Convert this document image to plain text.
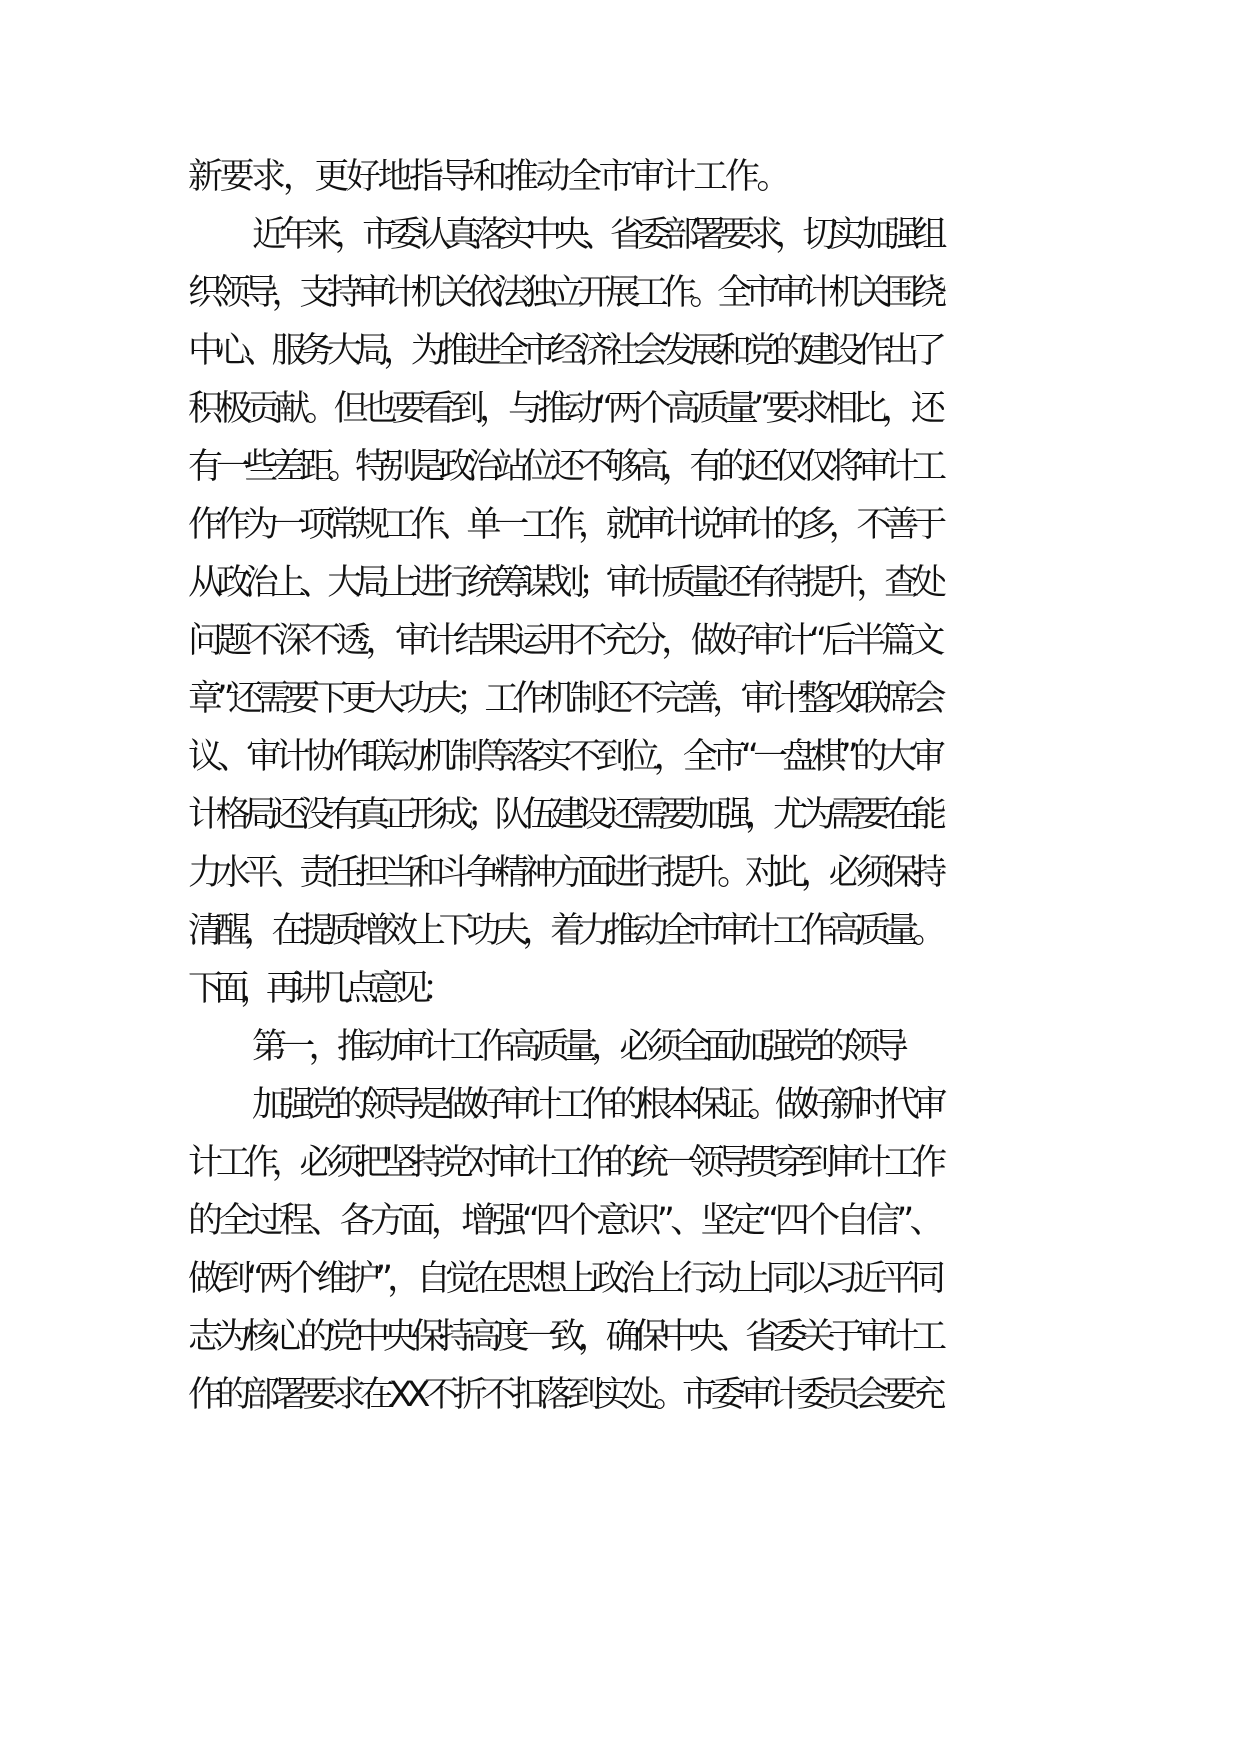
新要求，更好地指导和推动全市审计工作。
近年来，市委认真落实中央、省委部署要求，切实加强组
织领导，支持审计机关依法独立开展工作。全市审计机关围绕
中心、服务大局，为推进全市经济社会发展和党的建设作出了
积极贡献。但也要看到，与推动“两个高质量”要求相比，还
有一些差距。特别是政治站位还不够高，有的还仅仅将审计工
作作为一项常规工作、单一工作，就审计说审计的多，不善于
从政治上、大局上进行统筹谋划；审计质量还有待提升，查处
问题不深不透，审计结果运用不充分，做好审计“后半篇文
章”还需要下更大功夫；工作机制还不完善，审计整改联席会
议、审计协作联动机制等落实不到位，全市“一盘棋”的大审
计格局还没有真正形成；队伍建设还需要加强，尤为需要在能
力水平、责任担当和斗争精神方面进行提升。对此，必须保持
清醒，在提质增效上下功夫，着力推动全市审计工作高质量。
下面，再讲几点意见：
第一，推动审计工作高质量，必须全面加强党的领导
加强党的领导是做好审计工作的根本保证。做好新时代审
计工作，必须把坚持党对审计工作的统一领导贯穿到审计工作
的全过程、各方面，增强“四个意识”、坚定“四个自信”、
做到“两个维护”，自觉在思想上政治上行动上同以习近平同
志为核心的党中央保持高度一致，确保中央、省委关于审计工
作的部署要求在XX不折不扣落到实处。市委审计委员会要充
